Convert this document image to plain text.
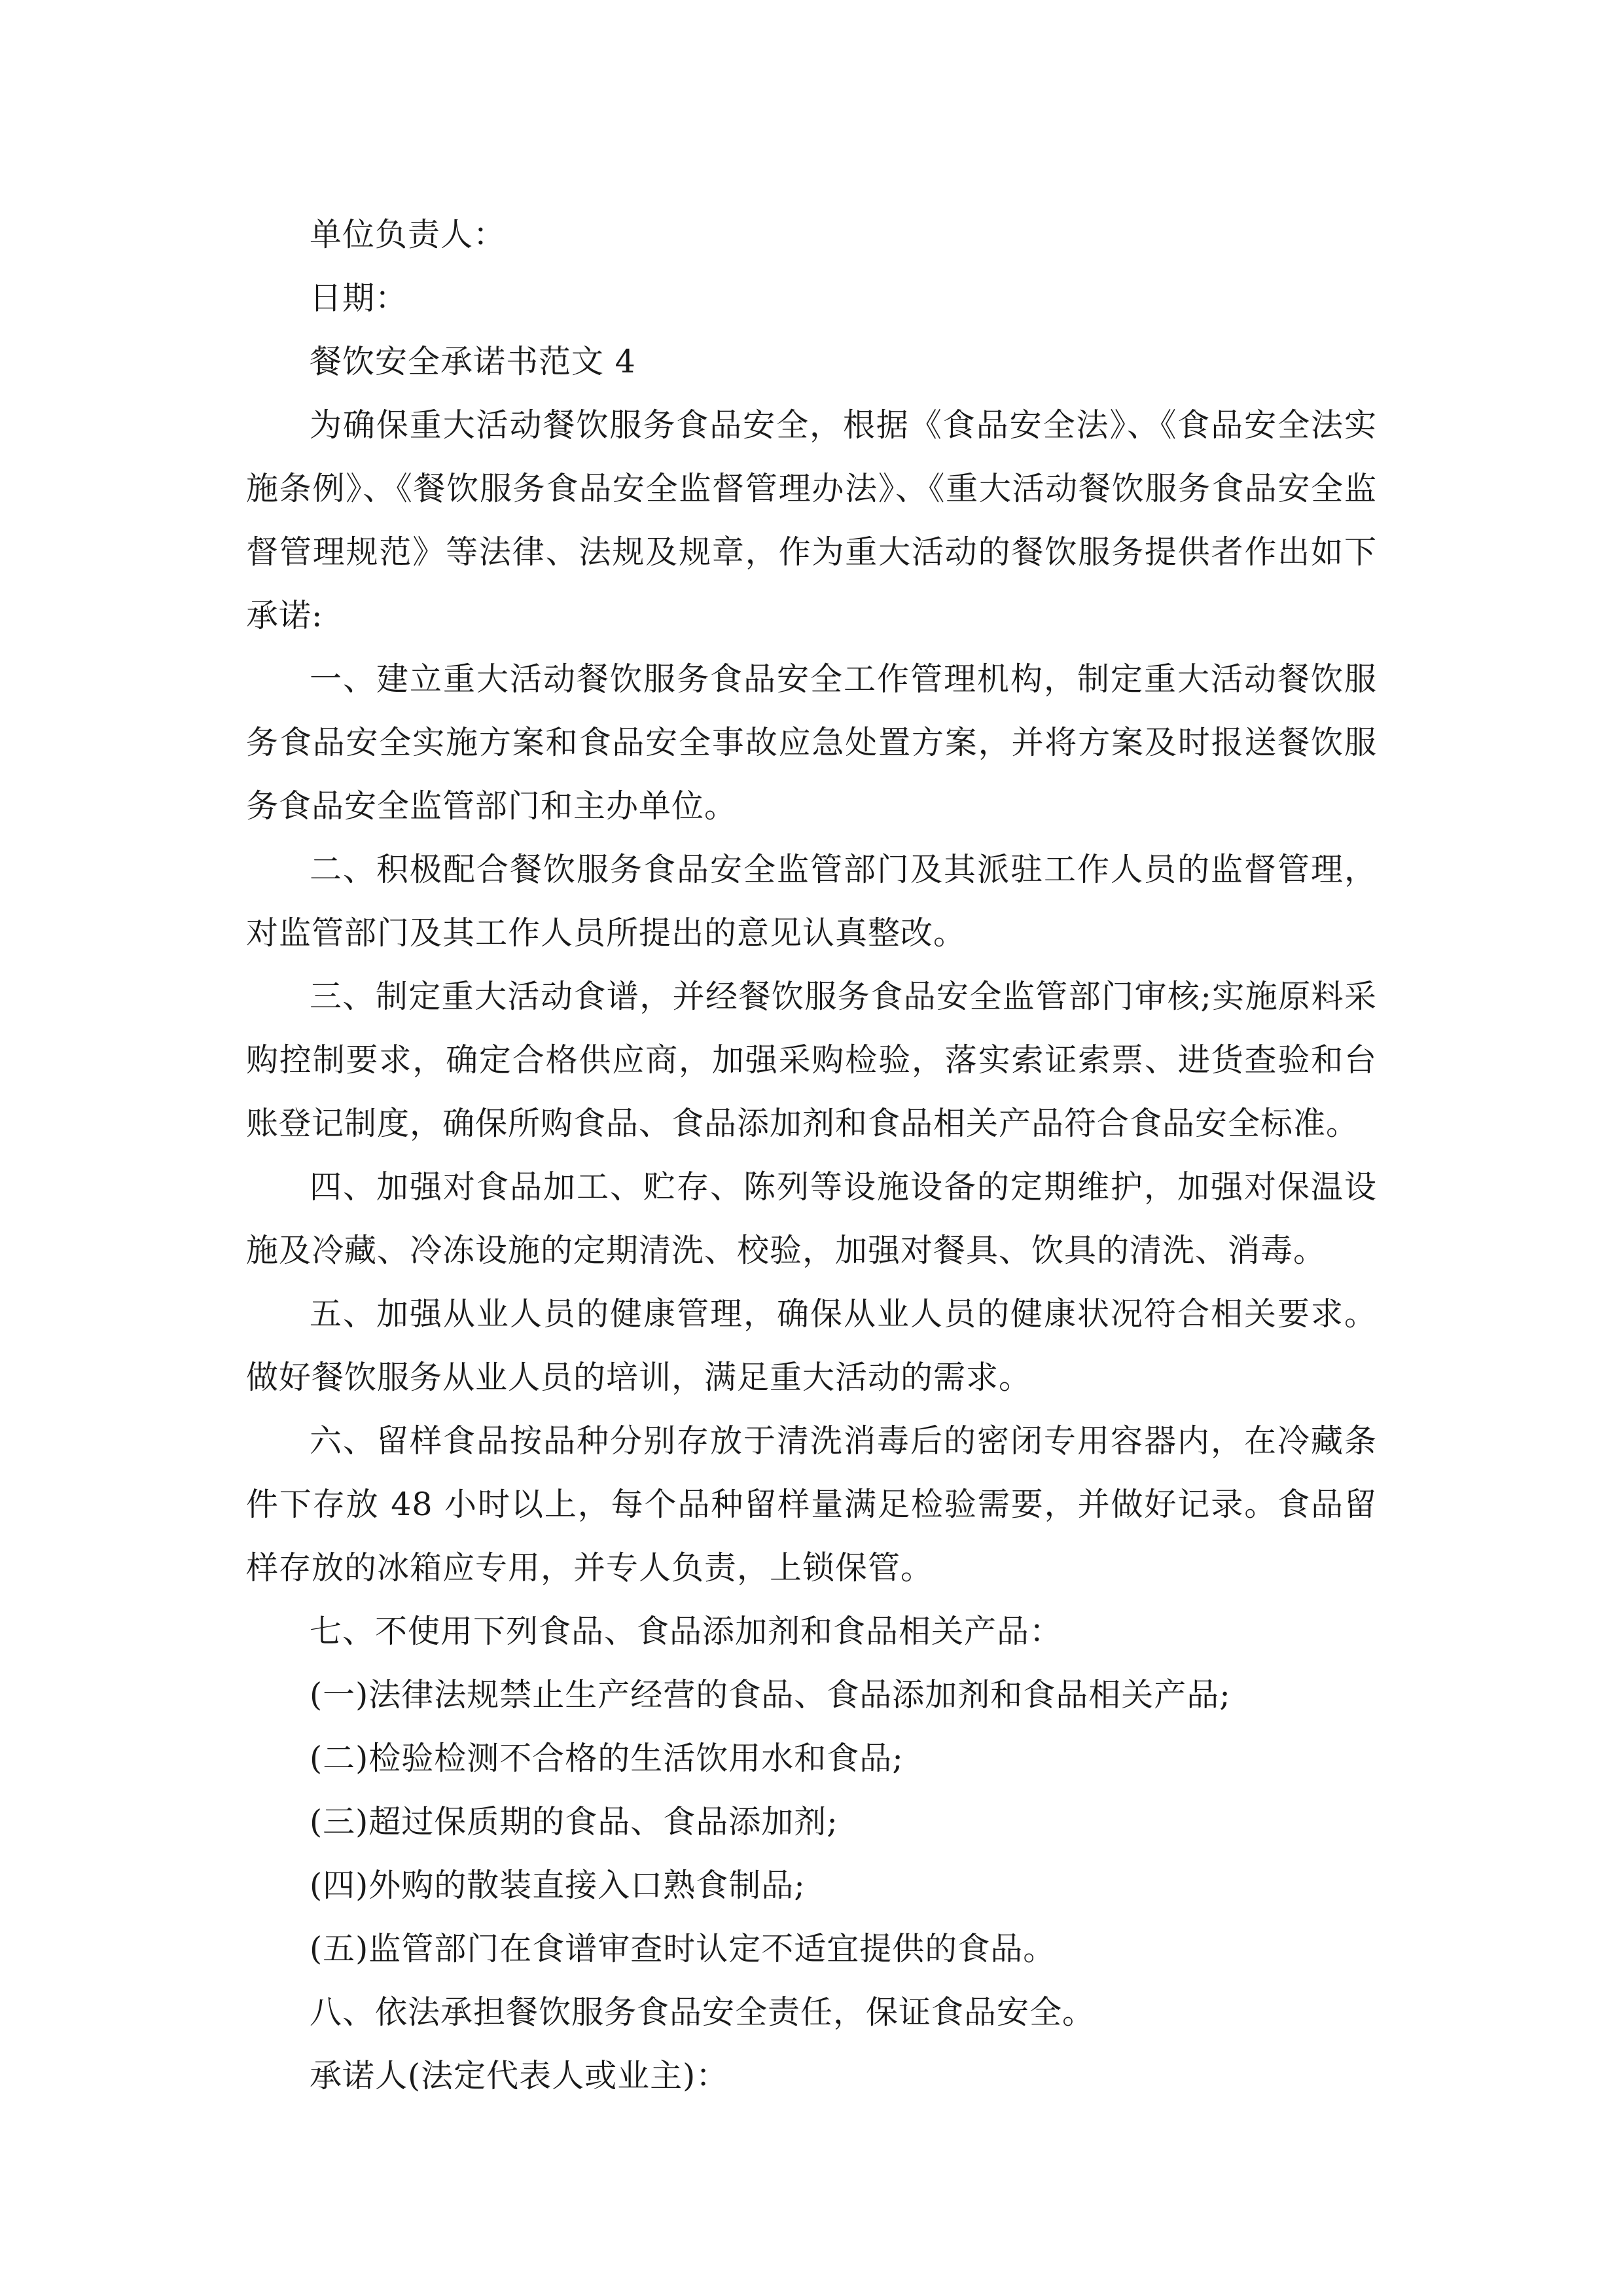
单位负责人：

日期：

餐饮安全承诺书范文 4

为确保重大活动餐饮服务食品安全，根据《食品安全法》、《食品安全法实施条例》、《餐饮服务食品安全监督管理办法》、《重大活动餐饮服务食品安全监督管理规范》等法律、法规及规章，作为重大活动的餐饮服务提供者作出如下承诺:

一、建立重大活动餐饮服务食品安全工作管理机构，制定重大活动餐饮服务食品安全实施方案和食品安全事故应急处置方案，并将方案及时报送餐饮服务食品安全监管部门和主办单位。

二、积极配合餐饮服务食品安全监管部门及其派驻工作人员的监督管理，对监管部门及其工作人员所提出的意见认真整改。

三、制定重大活动食谱，并经餐饮服务食品安全监管部门审核;实施原料采购控制要求，确定合格供应商，加强采购检验，落实索证索票、进货查验和台账登记制度，确保所购食品、食品添加剂和食品相关产品符合食品安全标准。

四、加强对食品加工、贮存、陈列等设施设备的定期维护，加强对保温设施及冷藏、冷冻设施的定期清洗、校验，加强对餐具、饮具的清洗、消毒。

五、加强从业人员的健康管理，确保从业人员的健康状况符合相关要求。做好餐饮服务从业人员的培训，满足重大活动的需求。

六、留样食品按品种分别存放于清洗消毒后的密闭专用容器内，在冷藏条件下存放 48 小时以上，每个品种留样量满足检验需要，并做好记录。食品留样存放的冰箱应专用，并专人负责，上锁保管。

七、不使用下列食品、食品添加剂和食品相关产品：

(一)法律法规禁止生产经营的食品、食品添加剂和食品相关产品;

(二)检验检测不合格的生活饮用水和食品;

(三)超过保质期的食品、食品添加剂;

(四)外购的散装直接入口熟食制品;

(五)监管部门在食谱审查时认定不适宜提供的食品。

八、依法承担餐饮服务食品安全责任，保证食品安全。

承诺人(法定代表人或业主)：
